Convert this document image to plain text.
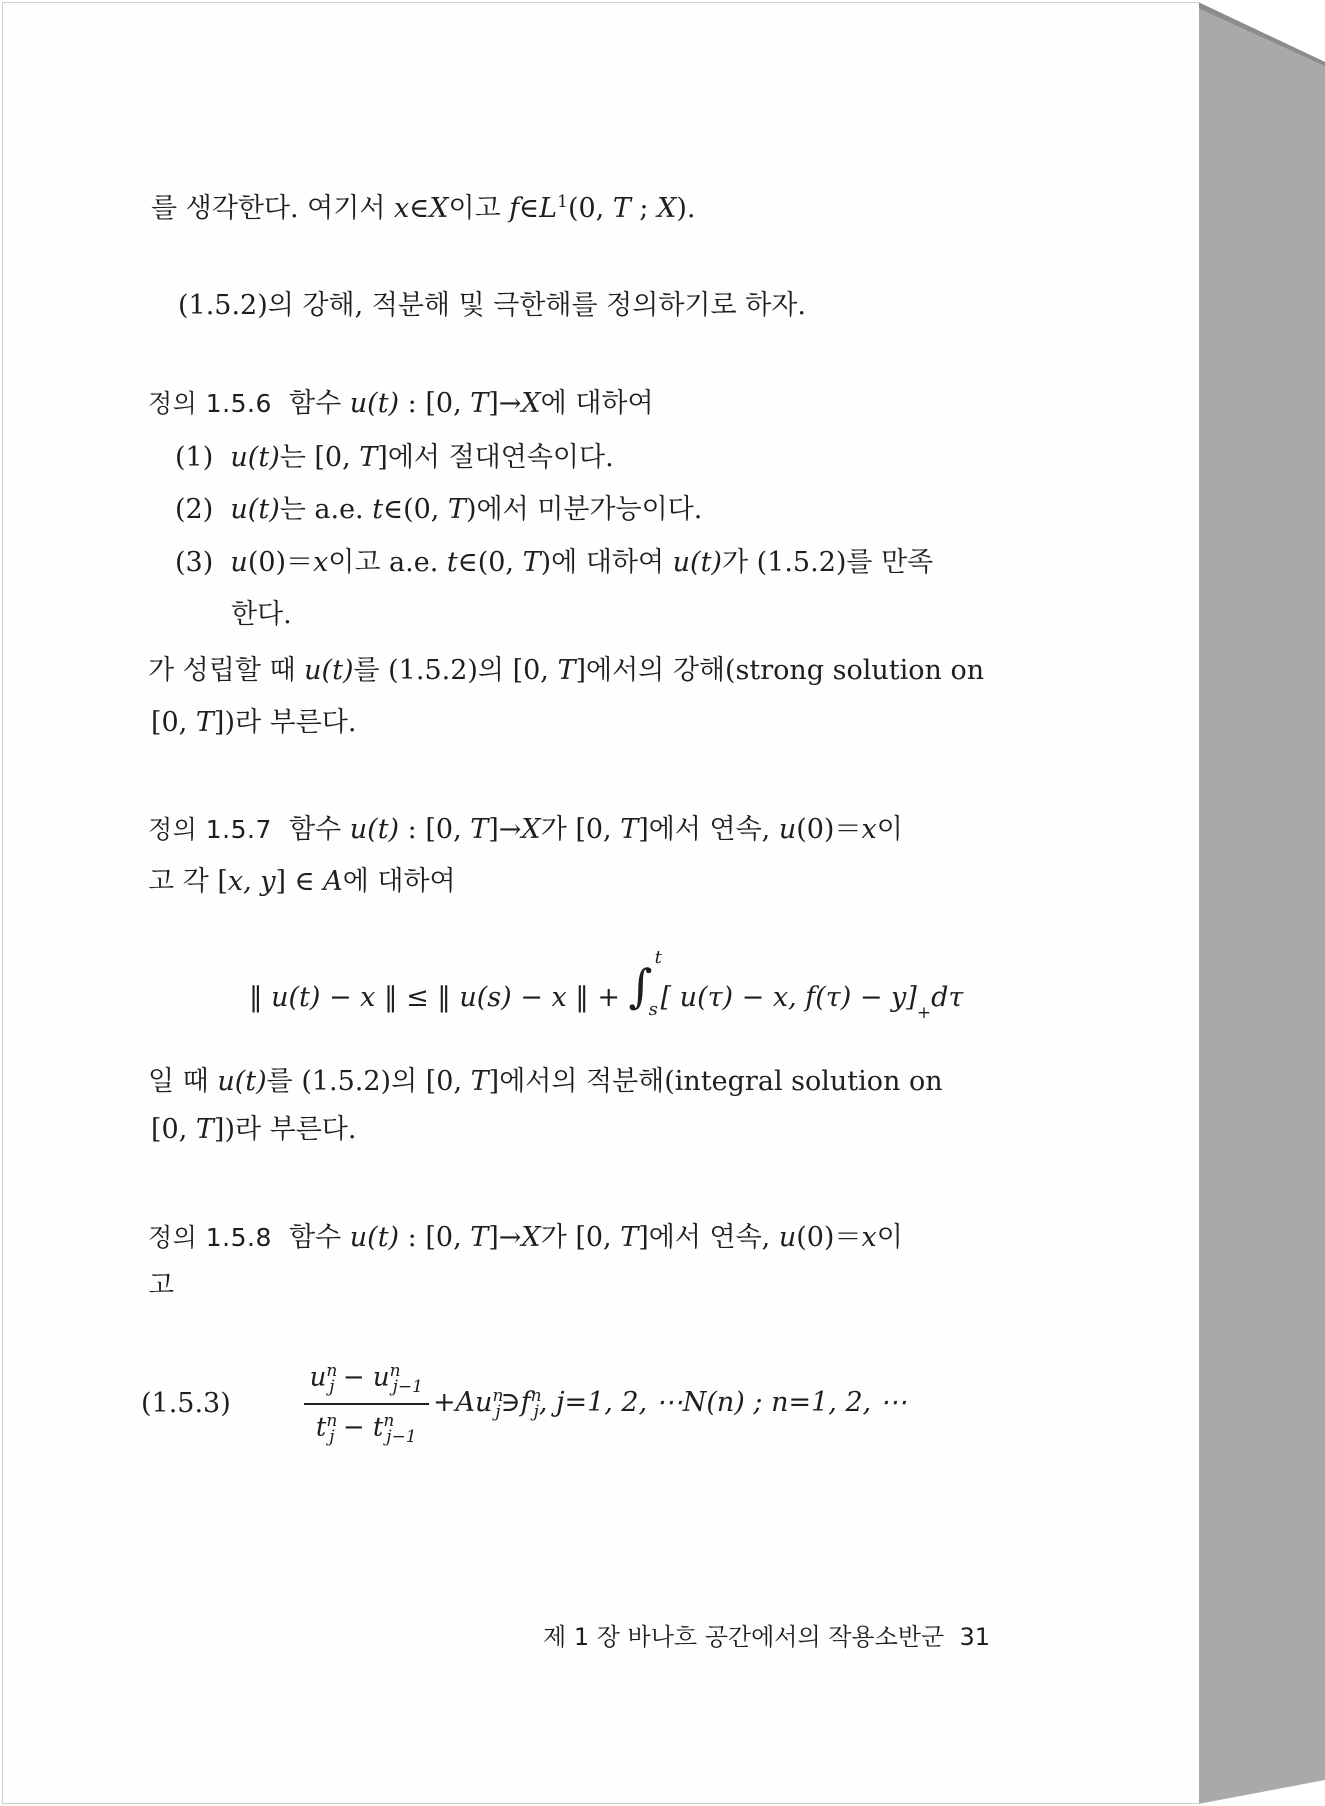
를 생각한다. 여기서 x∈X이고 $f\in L^1(0$, T ; X).
(1.5.2)의 강해, 적분해 및 극한해를 정의하기로 하자.
정의 1.5.6 함수 u(t) : [0, T]→X에 대하여
(1) u(t)는 [0, T]에서 절대연속이다.
(2) u(t)는 a.e. t∈(0, T)에서 미분가능이다.
(3) u(0)＝x이고 a.e. t∈(0, T)에 대하여 u(t)가 (1.5.2)를 만족
한다.
가 성립할 때 u(t)를 (1.5.2)의 [0, T]에서의 강해(strong solution on
[0, T])라 부른다.
정의 1.5.7 함수 u(t) : [0, T]→X가 [0, T]에서 연속, u(0)＝x이
고 각 [x, y] ∈ A에 대하여
‖ u(t) − x ‖ ≤ ‖ u(s) − x ‖ + ∫
t
s [ u(τ) − x, $f(\tau) - y]_+d\tau$
일 때 u(t)를 (1.5.2)의 [0, T]에서의 적분해(integral solution on
[0, T])라 부른다.
정의 1.5.8 함수 u(t) : [0, T]→X가 [0, T]에서 연속, u(0)＝x이
고
(1.5.3)	$\frac{u^n_j - u^n_{j-1}}{t^n_j - t^n_{j-1}}$ $+Au^n_j∋f^n_j$, j=1, 2, ⋯N(n) ; n=1, 2, ⋯
제 1 장 바나흐 공간에서의 작용소반군 31
